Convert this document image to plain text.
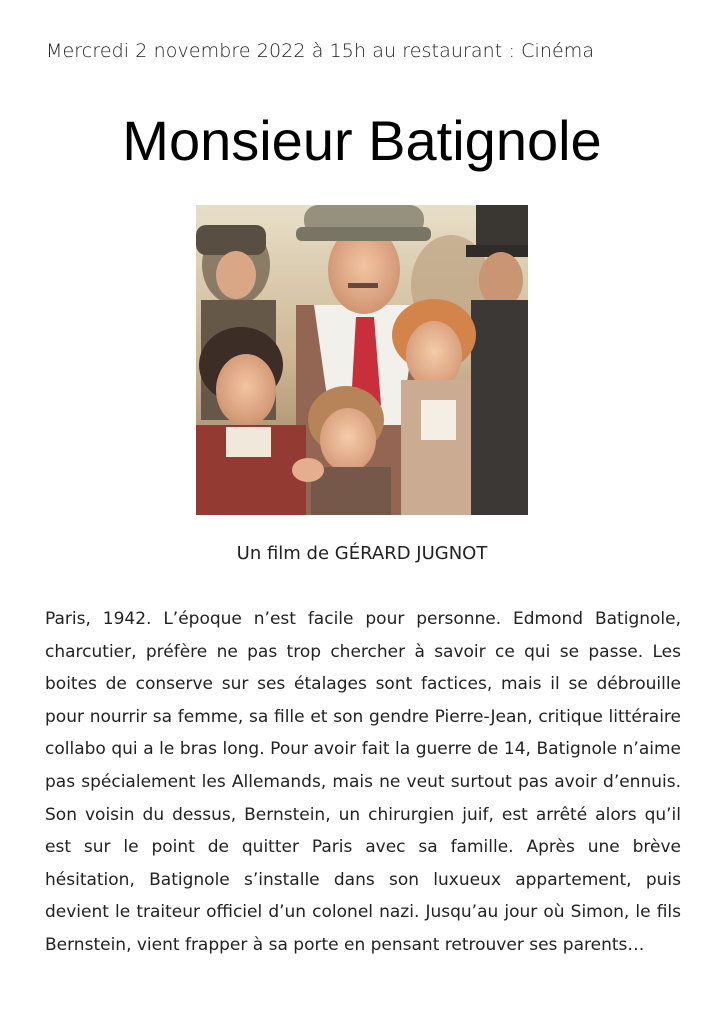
Mercredi 2 novembre 2022 à 15h au restaurant : Cinéma
Monsieur Batignole
Un film de GÉRARD JUGNOT

Paris, 1942. L’époque n’est facile pour personne. Edmond Batignole, charcutier, préfère ne pas trop chercher à savoir ce qui se passe. Les boites de conserve sur ses étalages sont factices, mais il se débrouille pour nourrir sa femme, sa fille et son gendre Pierre-Jean, critique littéraire collabo qui a le bras long. Pour avoir fait la guerre de 14, Batignole n’aime pas spécialement les Allemands, mais ne veut surtout pas avoir d’ennuis. Son voisin du dessus, Bernstein, un chirurgien juif, est arrêté alors qu’il est sur le point de quitter Paris avec sa famille. Après une brève hésitation, Batignole s’installe dans son luxueux appartement, puis devient le traiteur officiel d’un colonel nazi. Jusqu’au jour où Simon, le fils Bernstein, vient frapper à sa porte en pensant retrouver ses parents…
